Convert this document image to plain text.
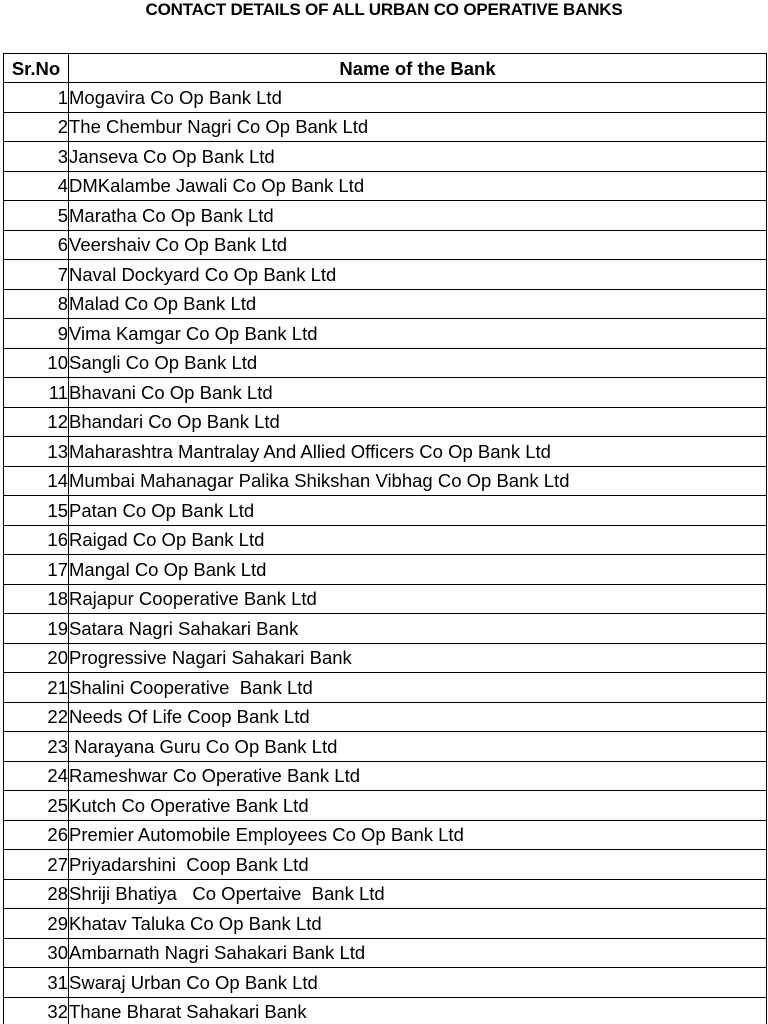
CONTACT DETAILS OF ALL URBAN CO OPERATIVE BANKS
Sr.No	Name of the Bank
1	Mogavira Co Op Bank Ltd
2	The Chembur Nagri Co Op Bank Ltd
3	Janseva Co Op Bank Ltd
4	DMKalambe Jawali Co Op Bank Ltd
5	Maratha Co Op Bank Ltd
6	Veershaiv Co Op Bank Ltd
7	Naval Dockyard Co Op Bank Ltd
8	Malad Co Op Bank Ltd
9	Vima Kamgar Co Op Bank Ltd
10	Sangli Co Op Bank Ltd
11	Bhavani Co Op Bank Ltd
12	Bhandari Co Op Bank Ltd
13	Maharashtra Mantralay And Allied Officers Co Op Bank Ltd
14	Mumbai Mahanagar Palika Shikshan Vibhag Co Op Bank Ltd
15	Patan Co Op Bank Ltd
16	Raigad Co Op Bank Ltd
17	Mangal Co Op Bank Ltd
18	Rajapur Cooperative Bank Ltd
19	Satara Nagri Sahakari Bank
20	Progressive Nagari Sahakari Bank
21	Shalini Cooperative  Bank Ltd
22	Needs Of Life Coop Bank Ltd
23	Narayana Guru Co Op Bank Ltd
24	Rameshwar Co Operative Bank Ltd
25	Kutch Co Operative Bank Ltd
26	Premier Automobile Employees Co Op Bank Ltd
27	Priyadarshini  Coop Bank Ltd
28	Shriji Bhatiya   Co Opertaive  Bank Ltd
29	Khatav Taluka Co Op Bank Ltd
30	Ambarnath Nagri Sahakari Bank Ltd
31	Swaraj Urban Co Op Bank Ltd
32	Thane Bharat Sahakari Bank
